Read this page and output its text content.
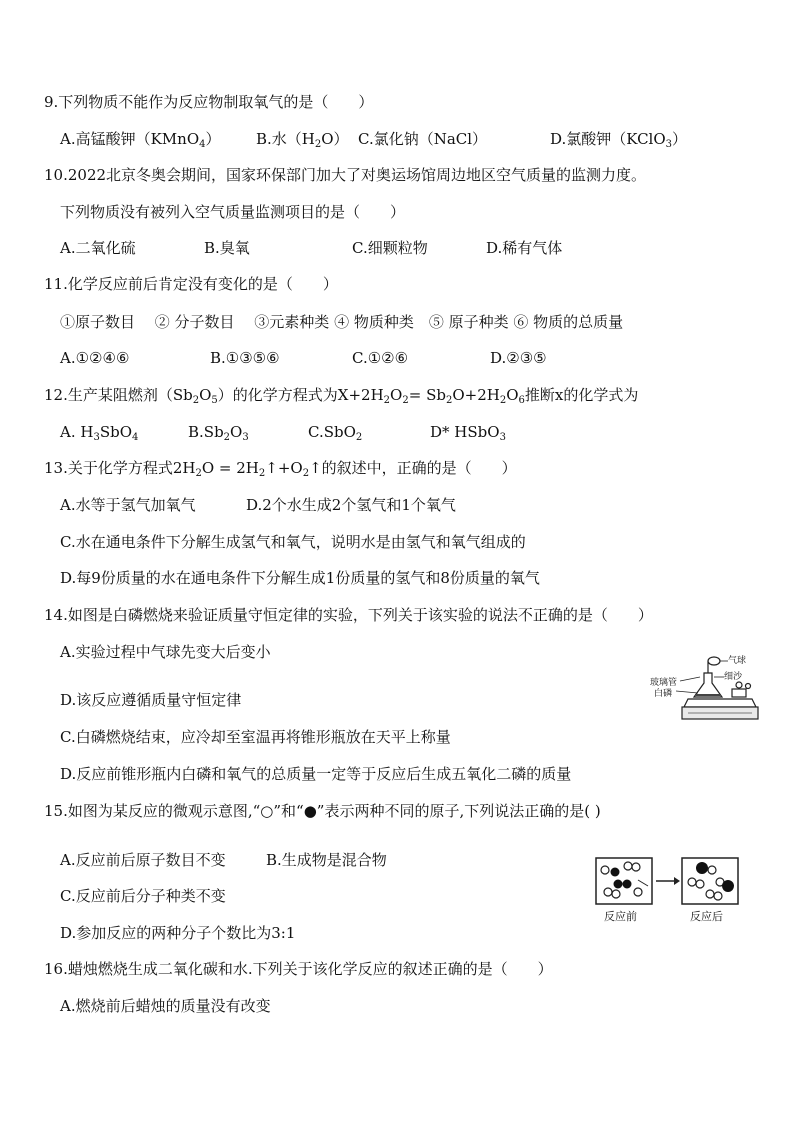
9.下列物质不能作为反应物制取氧气的是（　　）
A.高锰酸钾（KMnO$_4$） B.水$(H_2O)$ C.氯化钠（NaCl）	D.氯酸钾（KClO$_3$）
10.2022北京冬奥会期间，国家环保部门加大了对奥运场馆周边地区空气质量的监测力度。
下列物质没有被列入空气质量监测项目的是（　　）
A.二氧化硫	B.臭氧	C.细颗粒物	D.稀有气体
11.化学反应前后肯定没有变化的是（　　）
①原子数目　 ② 分子数目　 ③元素种类 ④ 物质种类　⑤ 原子种类 ⑥ 物质的总质量
A.①②④⑥	B.①③⑤⑥	C.①②⑥	D.②③⑤
12.生产某阻燃剂$(Sb_2O_5)$的化学方程式为$X+2H_2O_2= Sb_2O+2H_2O_6$推断x的化学式为
A. $H_3SbO_4$	$B.Sb_2O_3$	C.SbO$_2$	D* HSbO$_3$
13.关于化学方程式$2H_2O$ = $2H_2↑+O_2↑$的叙述中，正确的是（　　）
A.水等于氢气加氧气	D.2个水生成2个氢气和1个氧气
C.水在通电条件下分解生成氢气和氧气，说明水是由氢气和氧气组成的
D.每9份质量的水在通电条件下分解生成1份质量的氢气和8份质量的氧气
14.如图是白磷燃烧来验证质量守恒定律的实验，下列关于该实验的说法不正确的是（　　）
A.实验过程中气球先变大后变小
D.该反应遵循质量守恒定律
C.白磷燃烧结束，应冷却至室温再将锥形瓶放在天平上称量
D.反应前锥形瓶内白磷和氧气的总质量一定等于反应后生成五氧化二磷的质量
气球
细沙
玻璃管
白磷
15.如图为某反应的微观示意图,“○”和“●”表示两种不同的原子,下列说法正确的是( )
A.反应前后原子数目不变	B.生成物是混合物
C.反应前后分子种类不变
D.参加反应的两种分子个数比为3:1
反应前	反应后
16.蜡烛燃烧生成二氧化碳和水.下列关于该化学反应的叙述正确的是（　　）
A.燃烧前后蜡烛的质量没有改变
